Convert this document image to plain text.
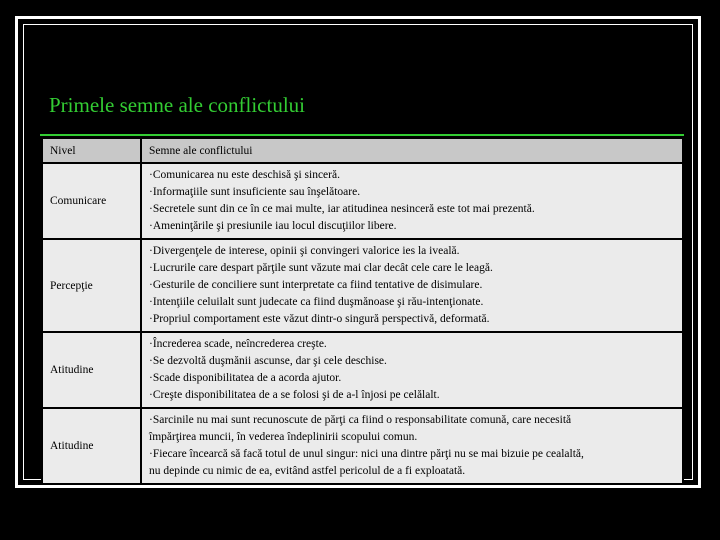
Primele semne ale conflictului
Nivel	Semne ale conflictului
Comunicare	·Comunicarea nu este deschisă şi sinceră.
·Informaţiile sunt insuficiente sau înşelătoare.
·Secretele sunt din ce în ce mai multe, iar atitudinea nesinceră este tot mai prezentă.
·Ameninţările şi presiunile iau locul discuţiilor libere.

Percepţie	·Divergenţele de interese, opinii şi convingeri valorice ies la iveală.
·Lucrurile care despart părţile sunt văzute mai clar decât cele care le leagă.
·Gesturile de conciliere sunt interpretate ca fiind tentative de disimulare.
·Intenţiile celuilalt sunt judecate ca fiind duşmănoase şi rău-intenţionate.
·Propriul comportament este văzut dintr-o singură perspectivă, deformată.

Atitudine	·Încrederea scade, neîncrederea creşte.
·Se dezvoltă duşmănii ascunse, dar şi cele deschise.
·Scade disponibilitatea de a acorda ajutor.
·Creşte disponibilitatea de a se folosi şi de a-l înjosi pe celălalt.

Atitudine	·Sarcinile nu mai sunt recunoscute de părţi ca fiind o responsabilitate comună, care necesită
împărţirea muncii, în vederea îndeplinirii scopului comun.
·Fiecare încearcă să facă totul de unul singur: nici una dintre părţi nu se mai bizuie pe cealaltă,
nu depinde cu nimic de ea, evitând astfel pericolul de a fi exploatată.
